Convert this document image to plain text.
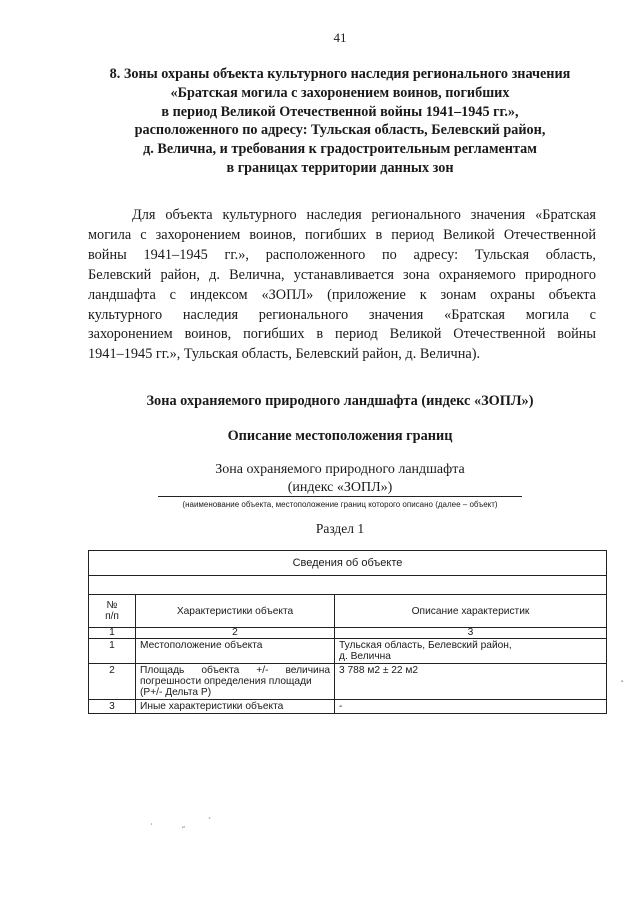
41
8. Зоны охраны объекта культурного наследия регионального значения
«Братская могила с захоронением воинов, погибших
в период Великой Отечественной войны 1941–1945 гг.»,
расположенного по адресу: Тульская область, Белевский район,
д. Велична, и требования к градостроительным регламентам
в границах территории данных зон
Для объекта культурного наследия регионального значения «Братская
могила с захоронением воинов, погибших в период Великой Отечественной
войны 1941–1945 гг.», расположенного по адресу: Тульская область,
Белевский район, д. Велична, устанавливается зона охраняемого природного
ландшафта с индексом «ЗОПЛ» (приложение к зонам охраны объекта
культурного наследия регионального значения «Братская могила с
захоронением воинов, погибших в период Великой Отечественной войны
1941–1945 гг.», Тульская область, Белевский район, д. Велична).
Зона охраняемого природного ландшафта (индекс «ЗОПЛ»)
Описание местоположения границ
Зона охраняемого природного ландшафта
(индекс «ЗОПЛ»)
(наименование объекта, местоположение границ которого описано (далее – объект)
Раздел 1
Сведения об объекте		

№
п/п	Характеристики объекта	Описание характеристик
1	2	3
1	Местоположение объекта	Тульская область, Белевский район,
д. Велична

2	Площадь объекта +/- величина
погрешности определения площади
(Р+/- Дельта Р)	3 788 м2 ± 22 м2

3	Иные характеристики объекта	-
˛
˙	˝
ˊ
